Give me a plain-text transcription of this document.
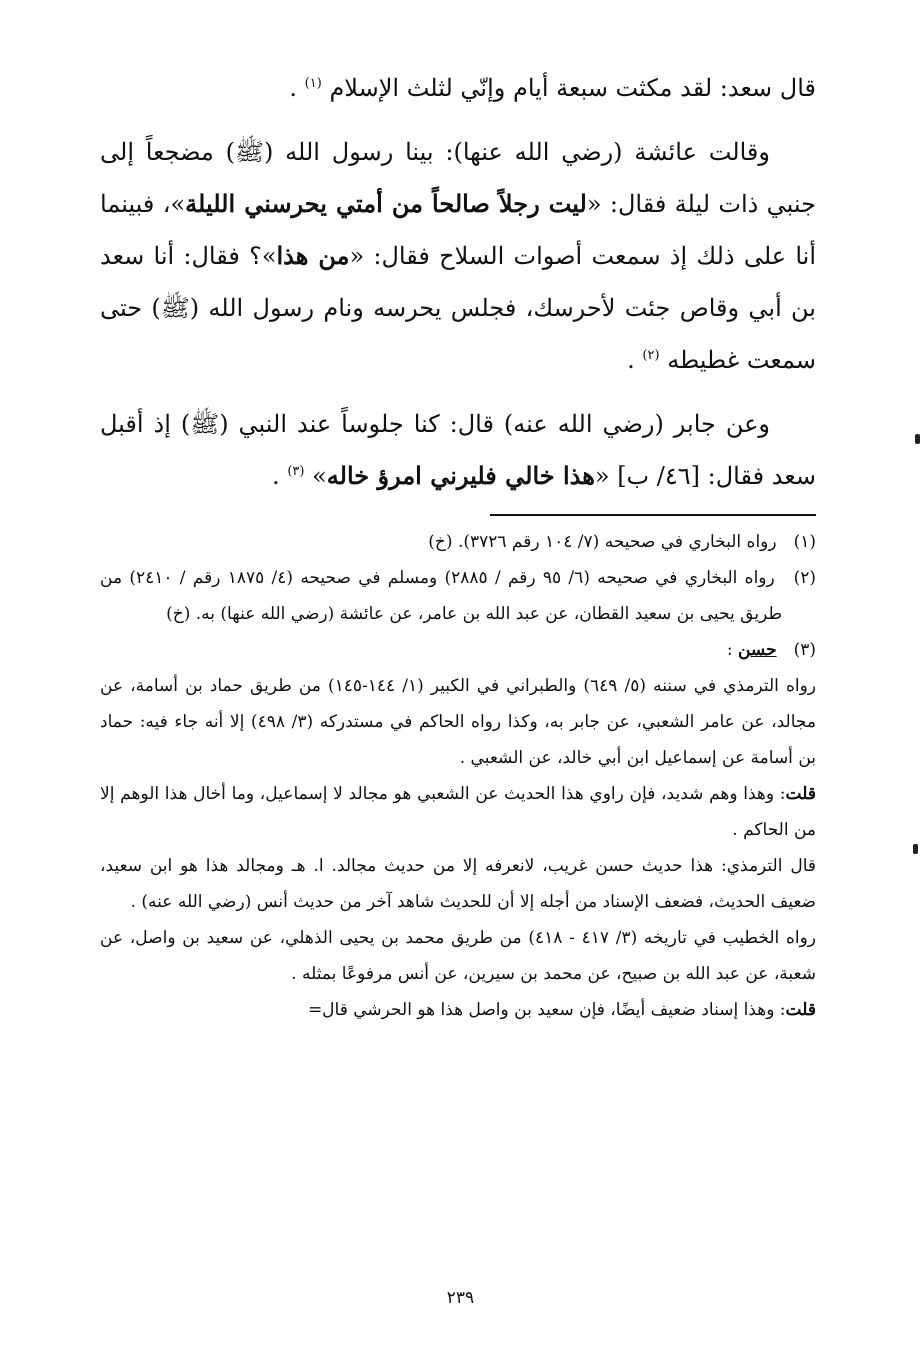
قال سعد: لقد مكثت سبعة أيام وإنّي لثلث الإسلام $^{(١)}$ .

وقالت عائشة (رضي الله عنها): بينا رسول الله (ﷺ) مضجعاً إلى جنبي ذات ليلة فقال: «ليت رجلاً صالحاً من أمتي يحرسني الليلة»، فبينما أنا على ذلك إذ سمعت أصوات السلاح فقال: «من هذا»؟ فقال: أنا سعد بن أبي وقاص جئت لأحرسك، فجلس يحرسه ونام رسول الله (ﷺ) حتى سمعت غطيطه $^{(٢)}$ .

وعن جابر (رضي الله عنه) قال: كنا جلوساً عند النبي (ﷺ) إذ أقبل سعد فقال: [٤٦/ ب] «هذا خالي فليرني امرؤ خاله» $^{(٣)}$ .

(١) رواه البخاري في صحيحه (٧/ ١٠٤ رقم ٣٧٢٦). (خ)

(٢) رواه البخاري في صحيحه (٦/ ٩٥ رقم / ٢٨٨٥) ومسلم في صحيحه (٤/ ١٨٧٥ رقم / ٢٤١٠) من طريق يحيى بن سعيد القطان، عن عبد الله بن عامر، عن عائشة (رضي الله عنها) به. (خ)

(٣) حسن :

رواه الترمذي في سننه (٥/ ٦٤٩) والطبراني في الكبير (١/ ١٤٤-١٤٥) من طريق حماد بن أسامة، عن مجالد، عن عامر الشعبي، عن جابر به، وكذا رواه الحاكم في مستدركه (٣/ ٤٩٨) إلا أنه جاء فيه: حماد بن أسامة عن إسماعيل ابن أبي خالد، عن الشعبي .

قلت: وهذا وهم شديد، فإن راوي هذا الحديث عن الشعبي هو مجالد لا إسماعيل، وما أخال هذا الوهم إلا من الحاكم .

قال الترمذي: هذا حديث حسن غريب، لانعرفه إلا من حديث مجالد. ا. هـ ومجالد هذا هو ابن سعيد، ضعيف الحديث، فضعف الإسناد من أجله إلا أن للحديث شاهد آخر من حديث أنس (رضي الله عنه) .

رواه الخطيب في تاريخه (٣/ ٤١٧ - ٤١٨) من طريق محمد بن يحيى الذهلي، عن سعيد بن واصل، عن شعبة، عن عبد الله بن صبيح، عن محمد بن سيرين، عن أنس مرفوعًا بمثله .

قلت: وهذا إسناد ضعيف أيضًا، فإن سعيد بن واصل هذا هو الحرشي قال=

٢٣٩
